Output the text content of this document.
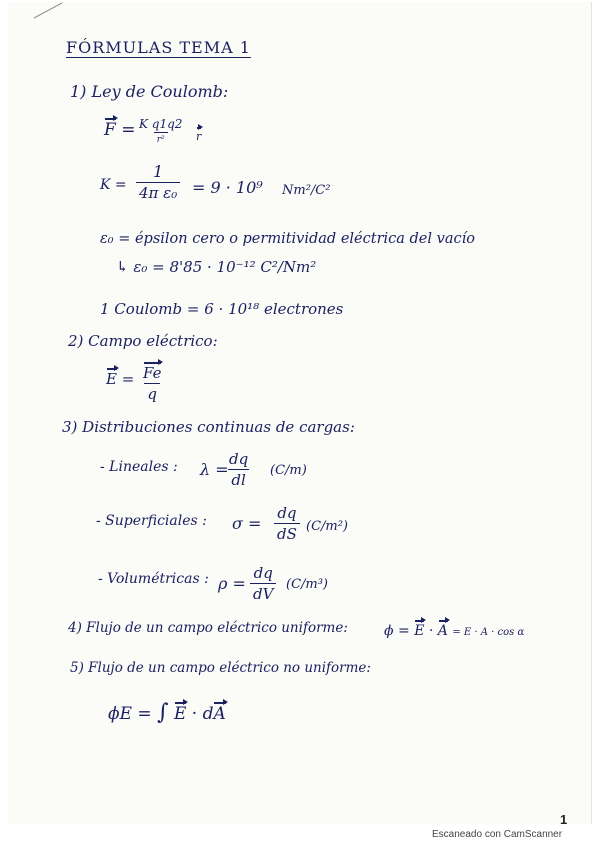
FÓRMULAS TEMA 1
1) Ley de Coulomb:
F = K q1q2
r²	r
$K = \frac{1}{\text{4π ε₀}} = 9 \cdot 10^9$ Nm²/C²
ε₀ = épsilon cero o permitividad eléctrica del vacío
↳ ε₀ = 8'85 · 10⁻¹² C²/Nm²
1 Coulomb = 6 · 10¹⁸ electrones
2) Campo eléctrico:
$E = \frac{Fe}{q}$
3) Distribuciones continuas de cargas:
- Lineales : λ =
$\frac{dq}{dl} (C/m)$
- Superficiales : $\sigma = \frac{dq}{dS} (C/m^2)$
- Volumétricas : $\rho = \frac{dq}{dV} (C/m^3)$
4) Flujo de un campo eléctrico uniforme:	ϕ = E · A = E · A · cos α
5) Flujo de un campo eléctrico no uniforme:
ϕE = ∫ E · dA
1
Escaneado con CamScanner
